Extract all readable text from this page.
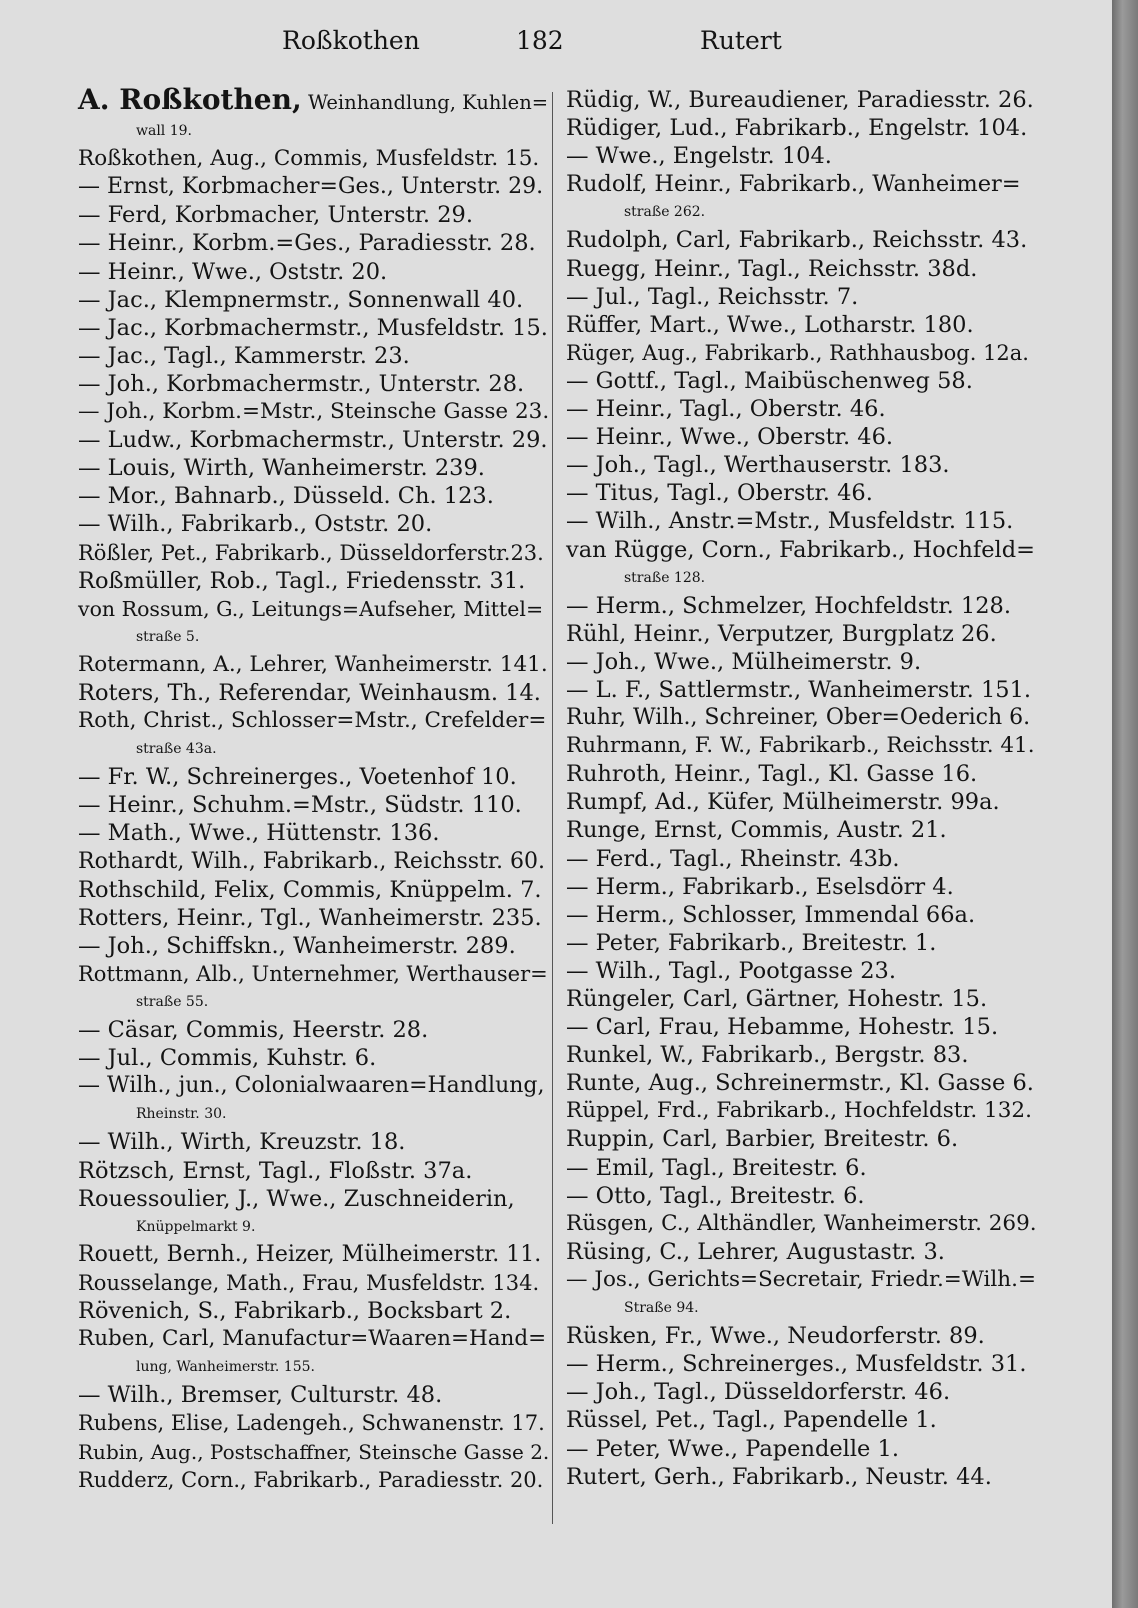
Roßkothen	182	Rutert
A. Roßkothen, Weinhandlung, Kuhlen=
wall 19.
Roßkothen, Aug., Commis, Musfeldstr. 15.
— Ernst, Korbmacher=Ges., Unterstr. 29.
— Ferd, Korbmacher, Unterstr. 29.
— Heinr., Korbm.=Ges., Paradiesstr. 28.
— Heinr., Wwe., Oststr. 20.
— Jac., Klempnermstr., Sonnenwall 40.
— Jac., Korbmachermstr., Musfeldstr. 15.
— Jac., Tagl., Kammerstr. 23.
— Joh., Korbmachermstr., Unterstr. 28.
— Joh., Korbm.=Mstr., Steinsche Gasse 23.
— Ludw., Korbmachermstr., Unterstr. 29.
— Louis, Wirth, Wanheimerstr. 239.
— Mor., Bahnarb., Düsseld. Ch. 123.
— Wilh., Fabrikarb., Oststr. 20.
Rößler, Pet., Fabrikarb., Düsseldorferstr.23.
Roßmüller, Rob., Tagl., Friedensstr. 31.
von Rossum, G., Leitungs=Aufseher, Mittel=
straße 5.
Rotermann, A., Lehrer, Wanheimerstr. 141.
Roters, Th., Referendar, Weinhausm. 14.
Roth, Christ., Schlosser=Mstr., Crefelder=
straße 43a.
— Fr. W., Schreinerges., Voetenhof 10.
— Heinr., Schuhm.=Mstr., Südstr. 110.
— Math., Wwe., Hüttenstr. 136.
Rothardt, Wilh., Fabrikarb., Reichsstr. 60.
Rothschild, Felix, Commis, Knüppelm. 7.
Rotters, Heinr., Tgl., Wanheimerstr. 235.
— Joh., Schiffskn., Wanheimerstr. 289.
Rottmann, Alb., Unternehmer, Werthauser=
straße 55.
— Cäsar, Commis, Heerstr. 28.
— Jul., Commis, Kuhstr. 6.
— Wilh., jun., Colonialwaaren=Handlung,
Rheinstr. 30.
— Wilh., Wirth, Kreuzstr. 18.
Rötzsch, Ernst, Tagl., Floßstr. 37a.
Rouessoulier, J., Wwe., Zuschneiderin,
Knüppelmarkt 9.
Rouett, Bernh., Heizer, Mülheimerstr. 11.
Rousselange, Math., Frau, Musfeldstr. 134.
Rövenich, S., Fabrikarb., Bocksbart 2.
Ruben, Carl, Manufactur=Waaren=Hand=
lung, Wanheimerstr. 155.
— Wilh., Bremser, Culturstr. 48.
Rubens, Elise, Ladengeh., Schwanenstr. 17.
Rubin, Aug., Postschaffner, Steinsche Gasse 2.
Rudderz, Corn., Fabrikarb., Paradiesstr. 20.
Rüdig, W., Bureaudiener, Paradiesstr. 26.
Rüdiger, Lud., Fabrikarb., Engelstr. 104.
— Wwe., Engelstr. 104.
Rudolf, Heinr., Fabrikarb., Wanheimer=
straße 262.
Rudolph, Carl, Fabrikarb., Reichsstr. 43.
Ruegg, Heinr., Tagl., Reichsstr. 38d.
— Jul., Tagl., Reichsstr. 7.
Rüffer, Mart., Wwe., Lotharstr. 180.
Rüger, Aug., Fabrikarb., Rathhausbog. 12a.
— Gottf., Tagl., Maibüschenweg 58.
— Heinr., Tagl., Oberstr. 46.
— Heinr., Wwe., Oberstr. 46.
— Joh., Tagl., Werthauserstr. 183.
— Titus, Tagl., Oberstr. 46.
— Wilh., Anstr.=Mstr., Musfeldstr. 115.
van Rügge, Corn., Fabrikarb., Hochfeld=
straße 128.
— Herm., Schmelzer, Hochfeldstr. 128.
Rühl, Heinr., Verputzer, Burgplatz 26.
— Joh., Wwe., Mülheimerstr. 9.
— L. F., Sattlermstr., Wanheimerstr. 151.
Ruhr, Wilh., Schreiner, Ober=Oederich 6.
Ruhrmann, F. W., Fabrikarb., Reichsstr. 41.
Ruhroth, Heinr., Tagl., Kl. Gasse 16.
Rumpf, Ad., Küfer, Mülheimerstr. 99a.
Runge, Ernst, Commis, Austr. 21.
— Ferd., Tagl., Rheinstr. 43b.
— Herm., Fabrikarb., Eselsdörr 4.
— Herm., Schlosser, Immendal 66a.
— Peter, Fabrikarb., Breitestr. 1.
— Wilh., Tagl., Pootgasse 23.
Rüngeler, Carl, Gärtner, Hohestr. 15.
— Carl, Frau, Hebamme, Hohestr. 15.
Runkel, W., Fabrikarb., Bergstr. 83.
Runte, Aug., Schreinermstr., Kl. Gasse 6.
Rüppel, Frd., Fabrikarb., Hochfeldstr. 132.
Ruppin, Carl, Barbier, Breitestr. 6.
— Emil, Tagl., Breitestr. 6.
— Otto, Tagl., Breitestr. 6.
Rüsgen, C., Althändler, Wanheimerstr. 269.
Rüsing, C., Lehrer, Augustastr. 3.
— Jos., Gerichts=Secretair, Friedr.=Wilh.=
Straße 94.
Rüsken, Fr., Wwe., Neudorferstr. 89.
— Herm., Schreinerges., Musfeldstr. 31.
— Joh., Tagl., Düsseldorferstr. 46.
Rüssel, Pet., Tagl., Papendelle 1.
— Peter, Wwe., Papendelle 1.
Rutert, Gerh., Fabrikarb., Neustr. 44.
